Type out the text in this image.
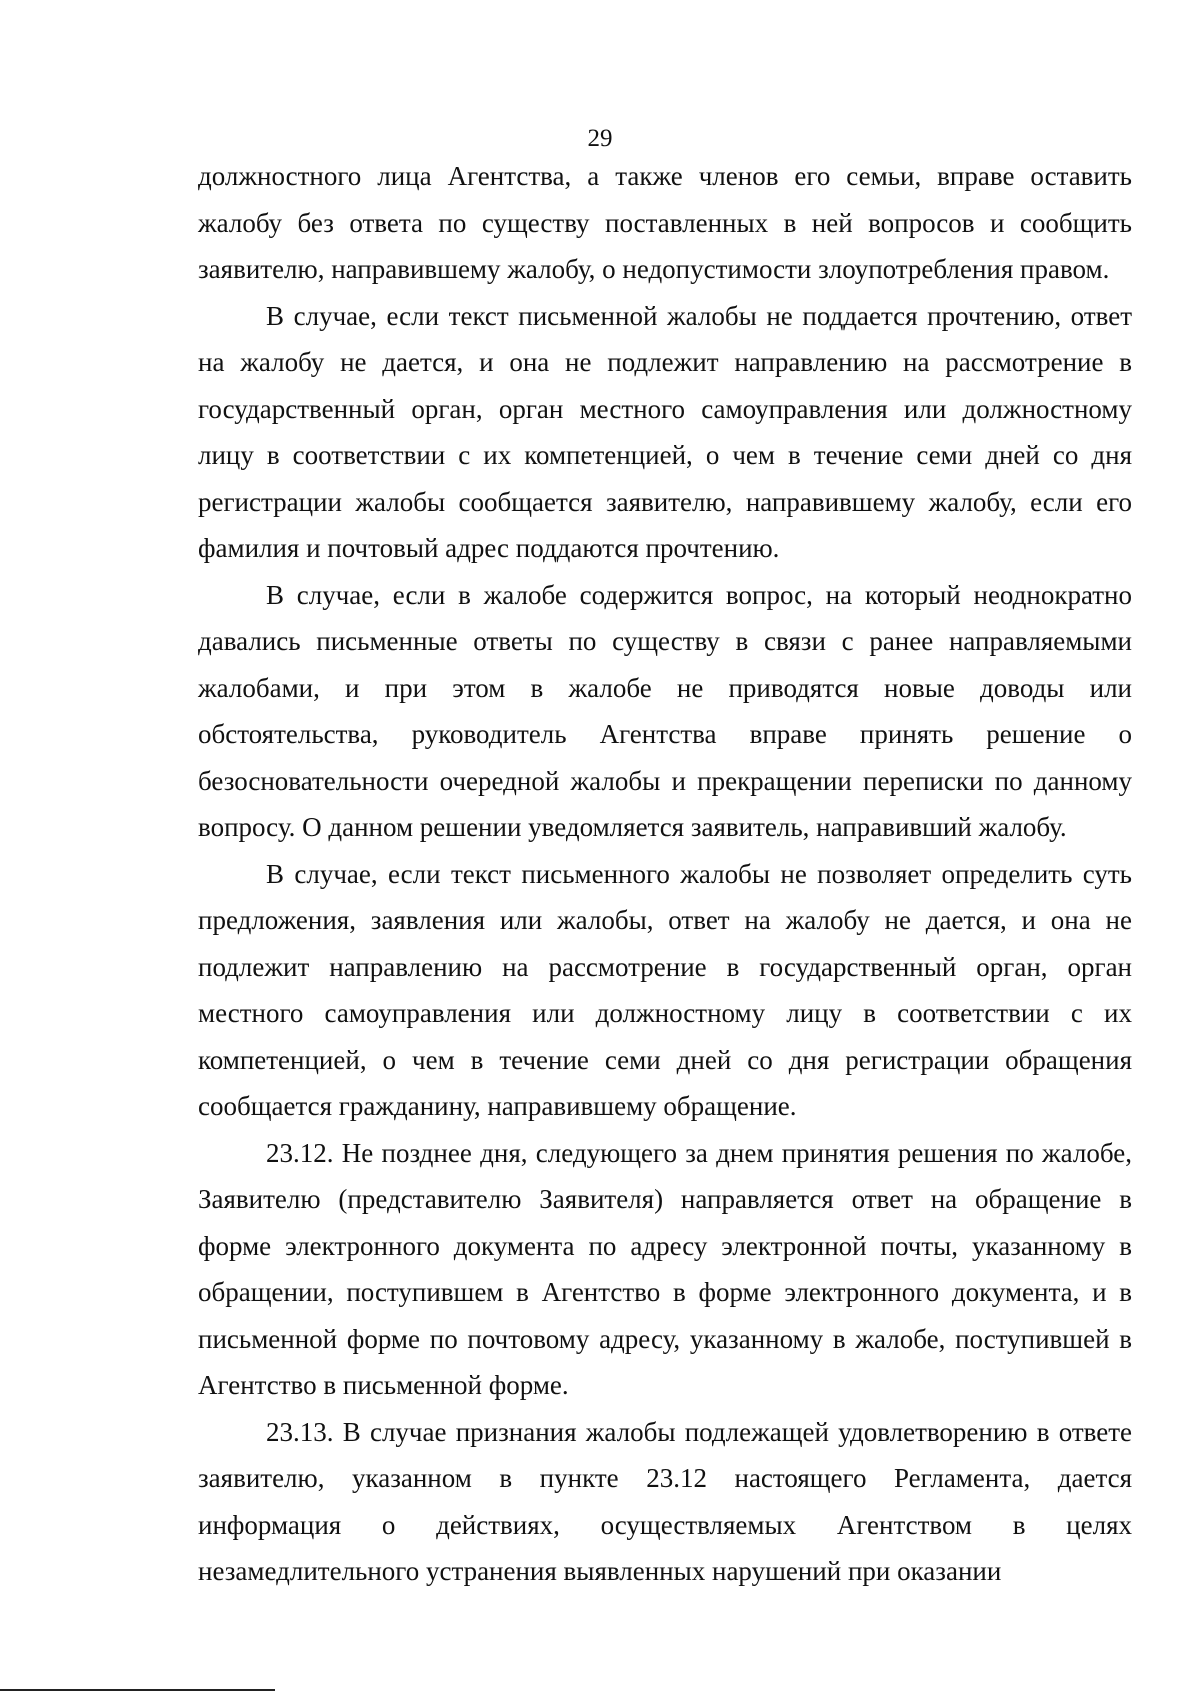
29

должностного лица Агентства, а также членов его семьи, вправе оставить жалобу без ответа по существу поставленных в ней вопросов и сообщить заявителю, направившему жалобу, о недопустимости злоупотребления правом.

В случае, если текст письменной жалобы не поддается прочтению, ответ на жалобу не дается, и она не подлежит направлению на рассмотрение в государственный орган, орган местного самоуправления или должностному лицу в соответствии с их компетенцией, о чем в течение семи дней со дня регистрации жалобы сообщается заявителю, направившему жалобу, если его фамилия и почтовый адрес поддаются прочтению.

В случае, если в жалобе содержится вопрос, на который неоднократно давались письменные ответы по существу в связи с ранее направляемыми жалобами, и при этом в жалобе не приводятся новые доводы или обстоятельства, руководитель Агентства вправе принять решение о безосновательности очередной жалобы и прекращении переписки по данному вопросу. О данном решении уведомляется заявитель, направивший жалобу.

В случае, если текст письменного жалобы не позволяет определить суть предложения, заявления или жалобы, ответ на жалобу не дается, и она не подлежит направлению на рассмотрение в государственный орган, орган местного самоуправления или должностному лицу в соответствии с их компетенцией, о чем в течение семи дней со дня регистрации обращения сообщается гражданину, направившему обращение.

23.12. Не позднее дня, следующего за днем принятия решения по жалобе, Заявителю (представителю Заявителя) направляется ответ на обращение в форме электронного документа по адресу электронной почты, указанному в обращении, поступившем в Агентство в форме электронного документа, и в письменной форме по почтовому адресу, указанному в жалобе, поступившей в Агентство в письменной форме.

23.13. В случае признания жалобы подлежащей удовлетворению в ответе заявителю, указанном в пункте 23.12 настоящего Регламента, дается информация о действиях, осуществляемых Агентством в целях незамедлительного устранения выявленных нарушений при оказании
